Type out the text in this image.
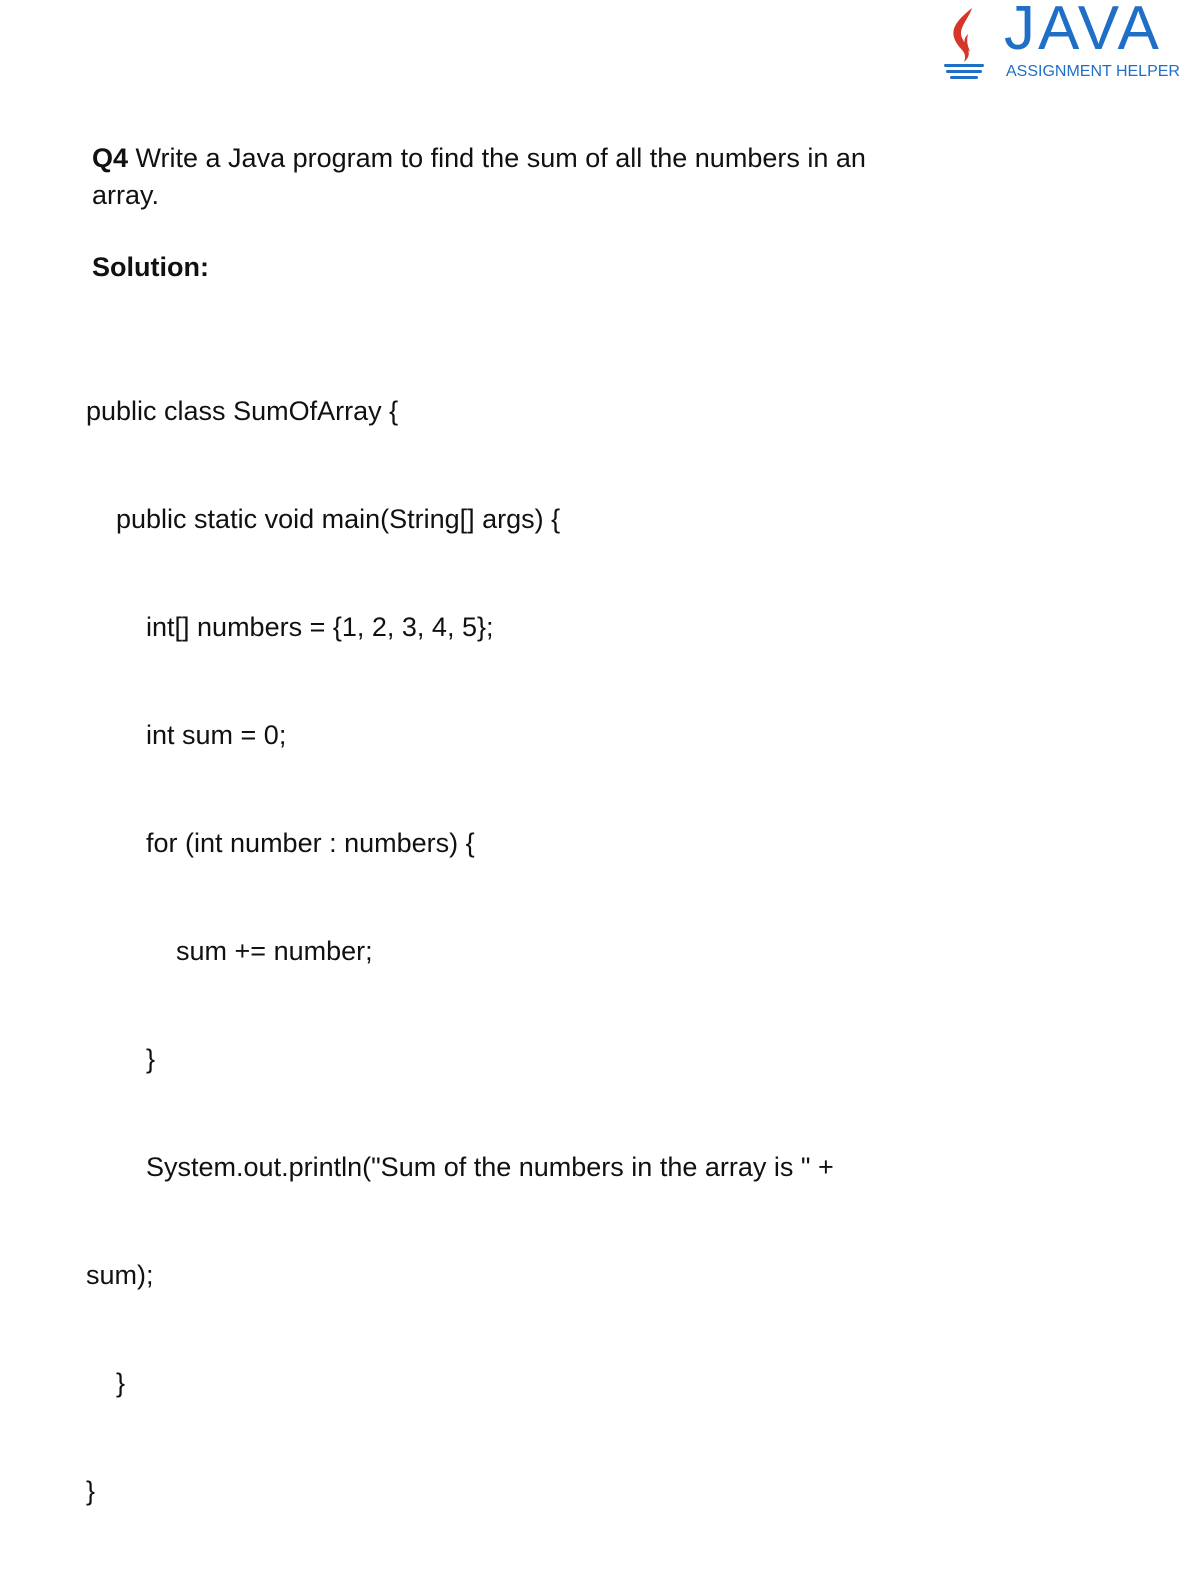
JAVA
ASSIGNMENT HELPER

Q4 Write a Java program to find the sum of all the numbers in an array.

Solution:

public class SumOfArray {

public static void main(String[] args) {

int[] numbers = {1, 2, 3, 4, 5};

int sum = 0;

for (int number : numbers) {

sum += number;

}

System.out.println("Sum of the numbers in the array is " +

sum);

}

}
